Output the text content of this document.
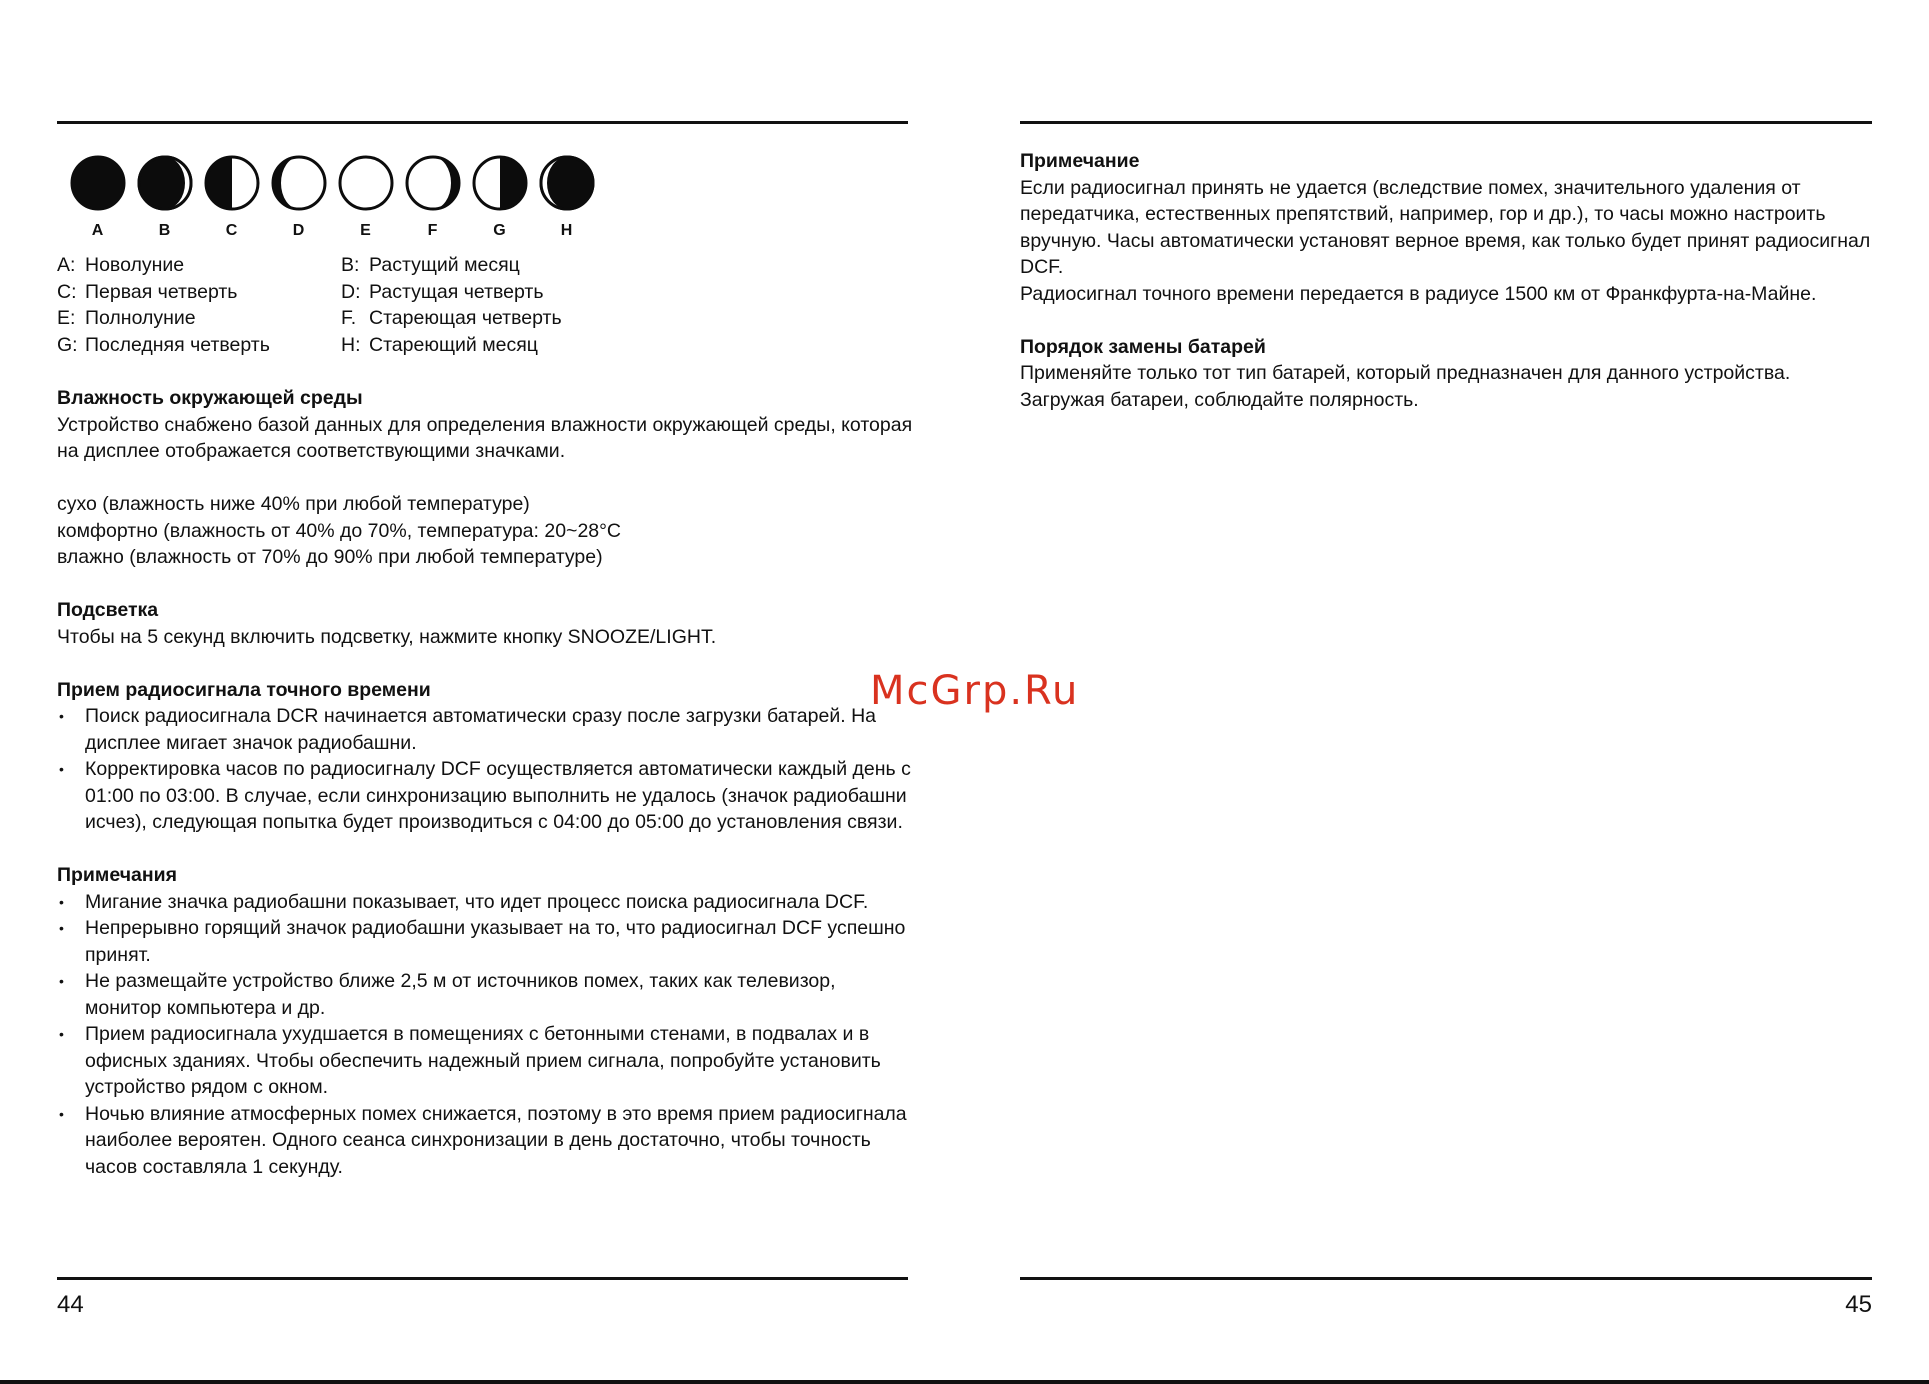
A	B	C	D	E	F	G	H
A: Новолуние	B: Растущий месяц
C: Первая четверть	D: Растущая четверть
E: Полнолуние	F. Стареющая четверть
G: Последняя четверть	H: Стареющий месяц

Влажность окружающей среды

Устройство снабжено базой данных для определения влажности окружающей среды, которая на дисплее отображается соответствующими значками.

сухо (влажность ниже 40% при любой температуре)

комфортно (влажность от 40% до 70%, температура: 20~28°C

влажно (влажность от 70% до 90% при любой температуре)

Подсветка

Чтобы на 5 секунд включить подсветку, нажмите кнопку SNOOZE/LIGHT.

Прием радиосигнала точного времени

• Поиск радиосигнала DCR начинается автоматически сразу после загрузки батарей. На дисплее мигает значок радиобашни.
• Корректировка часов по радиосигналу DCF осуществляется автоматически каждый день с 01:00 по 03:00. В случае, если синхронизацию выполнить не удалось (значок радиобашни исчез), следующая попытка будет производиться с 04:00 до 05:00 до установления связи.

Примечания

• Мигание значка радиобашни показывает, что идет процесс поиска радиосигнала DCF.
• Непрерывно горящий значок радиобашни указывает на то, что радиосигнал DCF успешно принят.
• Не размещайте устройство ближе 2,5 м от источников помех, таких как телевизор, монитор компьютера и др.
• Прием радиосигнала ухудшается в помещениях с бетонными стенами, в подвалах и в офисных зданиях. Чтобы обеспечить надежный прием сигнала, попробуйте установить устройство рядом с окном.
• Ночью влияние атмосферных помех снижается, поэтому в это время прием радиосигнала наиболее вероятен. Одного сеанса синхронизации в день достаточно, чтобы точность часов составляла 1 секунду.

Примечание

Если радиосигнал принять не удается (вследствие помех, значительного удаления от передатчика, естественных препятствий, например, гор и др.), то часы можно настроить вручную. Часы автоматически установят верное время, как только будет принят радиосигнал DCF.

Радиосигнал точного времени передается в радиусе 1500 км от Франкфурта-на-Майне.

Порядок замены батарей

Применяйте только тот тип батарей, который предназначен для данного устройства. Загружая батареи, соблюдайте полярность.

McGrp.Ru
44	45
